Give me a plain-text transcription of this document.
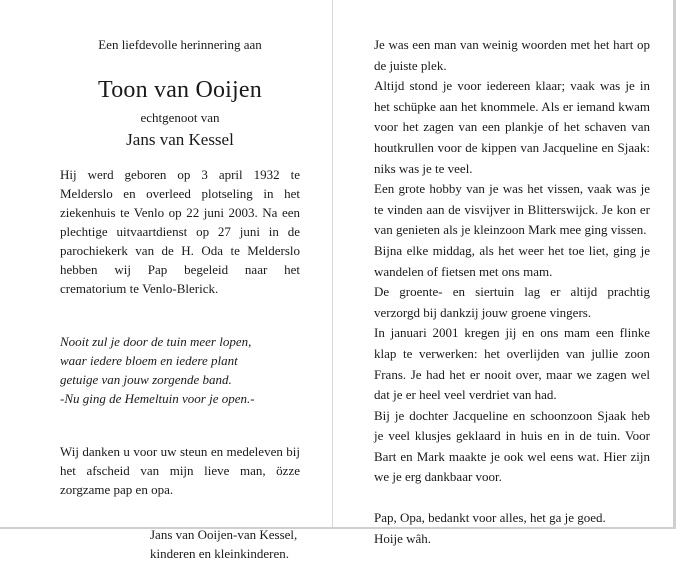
Een liefdevolle herinnering aan
Toon van Ooijen
echtgenoot van
Jans van Kessel
Hij werd geboren op 3 april 1932 te Melderslo en overleed plotseling in het ziekenhuis te Venlo op 22 juni 2003. Na een plechtige uitvaartdienst op 27 juni in de parochiekerk van de H. Oda te Melderslo hebben wij Pap begeleid naar het crematorium te Venlo-Blerick.
Nooit zul je door de tuin meer lopen,
waar iedere bloem en iedere plant
getuige van jouw zorgende band.
-Nu ging de Hemeltuin voor je open.-
Wij danken u voor uw steun en medeleven bij het afscheid van mijn lieve man, özze zorgzame pap en opa.
Jans van Ooijen-van Kessel,
kinderen en kleinkinderen.

Je was een man van weinig woorden met het hart op de juiste plek.

Altijd stond je voor iedereen klaar; vaak was je in het schüpke aan het knommele. Als er iemand kwam voor het zagen van een plankje of het schaven van houtkrullen voor de kippen van Jacqueline en Sjaak: niks was je te veel.

Een grote hobby van je was het vissen, vaak was je te vinden aan de visvijver in Blitterswijck. Je kon er van genieten als je kleinzoon Mark mee ging vissen.

Bijna elke middag, als het weer het toe liet, ging je wandelen of fietsen met ons mam.

De groente- en siertuin lag er altijd prachtig verzorgd bij dankzij jouw groene vingers.

In januari 2001 kregen jij en ons mam een flinke klap te verwerken: het overlijden van jullie zoon Frans. Je had het er nooit over, maar we zagen wel dat je er heel veel verdriet van had.

Bij je dochter Jacqueline en schoonzoon Sjaak heb je veel klusjes geklaard in huis en in de tuin. Voor Bart en Mark maakte je ook wel eens wat. Hier zijn we je erg dankbaar voor.

Pap, Opa, bedankt voor alles, het ga je goed.

Hoije wâh.
